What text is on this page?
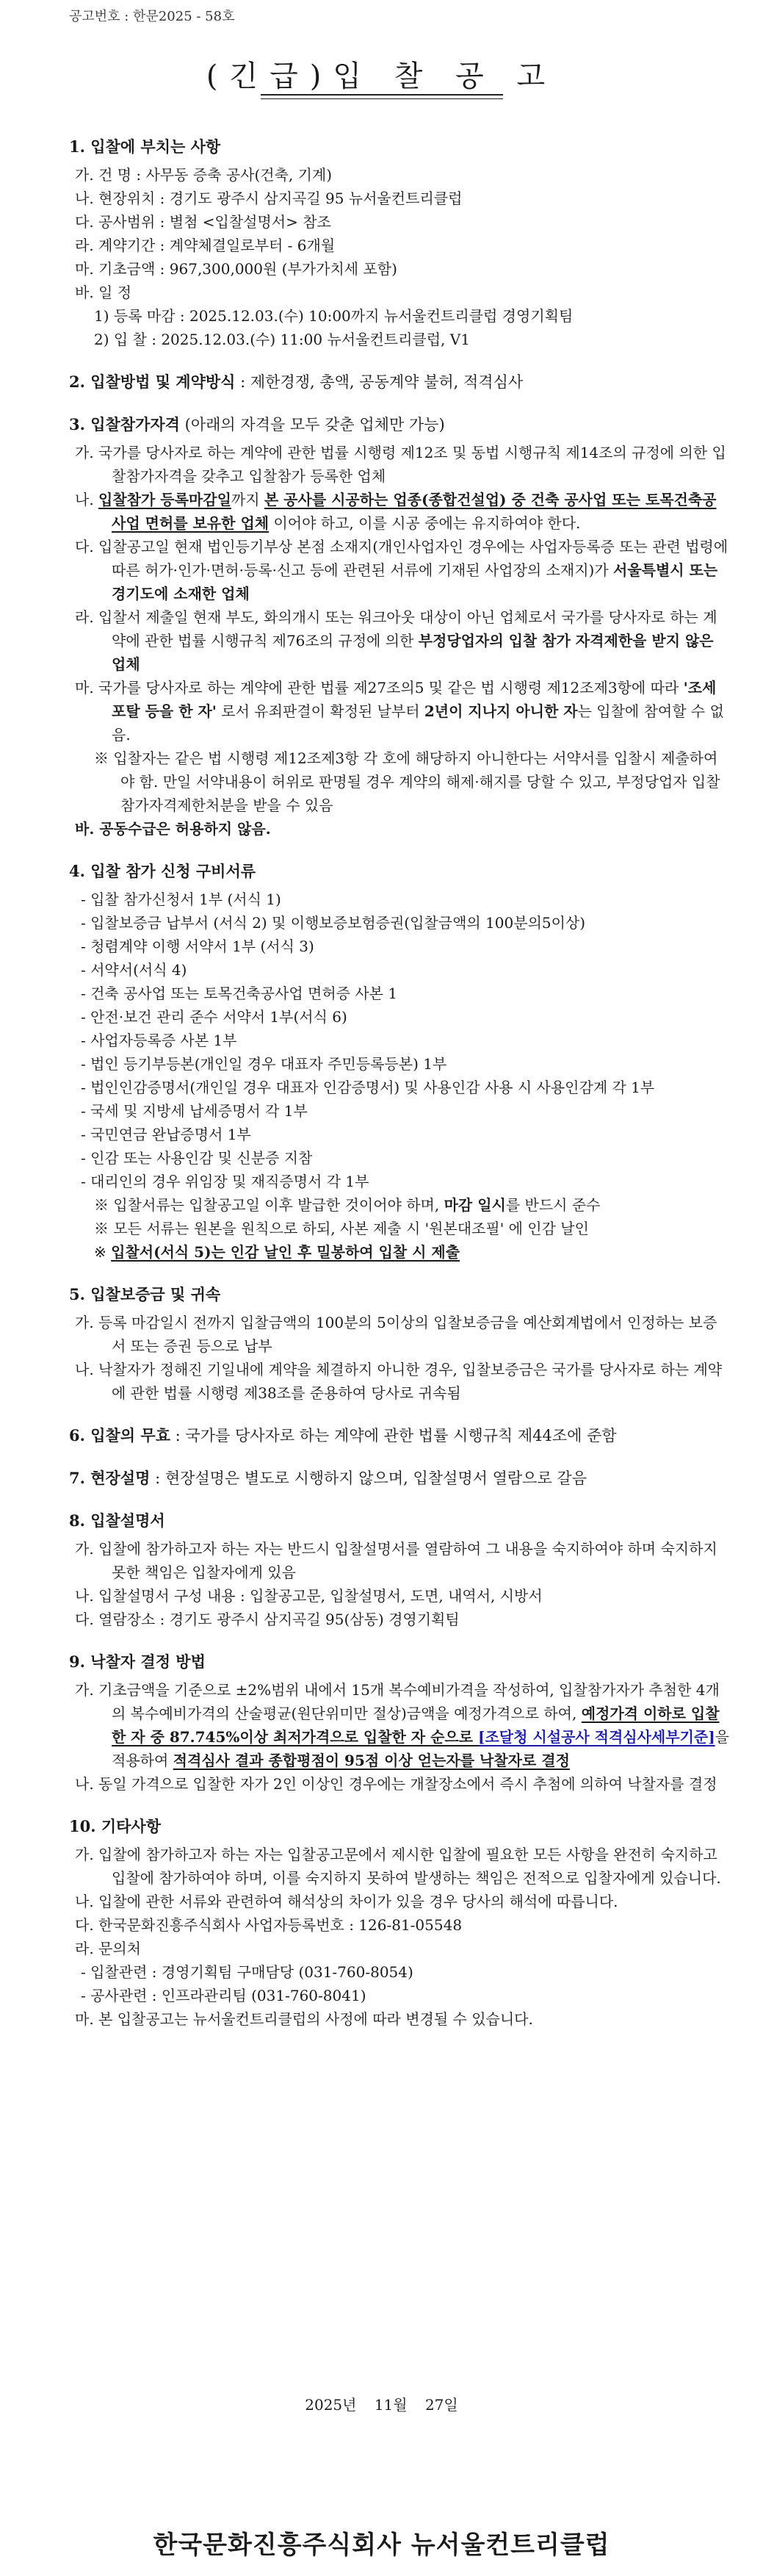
공고번호 : 한문2025 - 58호
(긴급)입 찰 공 고
1. 입찰에 부치는 사항

가. 건 명 : 사무동 증축 공사(건축, 기계)

나. 현장위치 : 경기도 광주시 삼지곡길 95 뉴서울컨트리클럽

다. 공사범위 : 별첨 <입찰설명서> 참조

라. 계약기간 : 계약체결일로부터 - 6개월

마. 기초금액 : 967,300,000원 (부가가치세 포함)

바. 일 정

1) 등록 마감 : 2025.12.03.(수) 10:00까지 뉴서울컨트리클럽 경영기획팀

2) 입 찰 : 2025.12.03.(수) 11:00 뉴서울컨트리클럽, V1

2. 입찰방법 및 계약방식 : 제한경쟁, 총액, 공동계약 불허, 적격심사
3. 입찰참가자격 (아래의 자격을 모두 갖춘 업체만 가능)

가. 국가를 당사자로 하는 계약에 관한 법률 시행령 제12조 및 동법 시행규칙 제14조의 규정에 의한 입찰참가자격을 갖추고 입찰참가 등록한 업체

나. 입찰참가 등록마감일까지 본 공사를 시공하는 업종(종합건설업) 중 건축 공사업 또는 토목건축공사업 면허를 보유한 업체 이어야 하고, 이를 시공 중에는 유지하여야 한다.

다. 입찰공고일 현재 법인등기부상 본점 소재지(개인사업자인 경우에는 사업자등록증 또는 관련 법령에 따른 허가·인가·면허·등록·신고 등에 관련된 서류에 기재된 사업장의 소재지)가 서울특별시 또는 경기도에 소재한 업체

라. 입찰서 제출일 현재 부도, 화의개시 또는 워크아웃 대상이 아닌 업체로서 국가를 당사자로 하는 계약에 관한 법률 시행규칙 제76조의 규정에 의한 부정당업자의 입찰 참가 자격제한을 받지 않은 업체

마. 국가를 당사자로 하는 계약에 관한 법률 제27조의5 및 같은 법 시행령 제12조제3항에 따라 '조세포탈 등을 한 자' 로서 유죄판결이 확정된 날부터 2년이 지나지 아니한 자는 입찰에 참여할 수 없음.

※ 입찰자는 같은 법 시행령 제12조제3항 각 호에 해당하지 아니한다는 서약서를 입찰시 제출하여야 함. 만일 서약내용이 허위로 판명될 경우 계약의 해제·해지를 당할 수 있고, 부정당업자 입찰참가자격제한처분을 받을 수 있음

바. 공동수급은 허용하지 않음.

4. 입찰 참가 신청 구비서류

- 입찰 참가신청서 1부 (서식 1)

- 입찰보증금 납부서 (서식 2) 및 이행보증보험증권(입찰금액의 100분의5이상)

- 청렴계약 이행 서약서 1부 (서식 3)

- 서약서(서식 4)

- 건축 공사업 또는 토목건축공사업 면허증 사본 1

- 안전·보건 관리 준수 서약서 1부(서식 6)

- 사업자등록증 사본 1부

- 법인 등기부등본(개인일 경우 대표자 주민등록등본) 1부

- 법인인감증명서(개인일 경우 대표자 인감증명서) 및 사용인감 사용 시 사용인감계 각 1부

- 국세 및 지방세 납세증명서 각 1부

- 국민연금 완납증명서 1부

- 인감 또는 사용인감 및 신분증 지참

- 대리인의 경우 위임장 및 재직증명서 각 1부

※ 입찰서류는 입찰공고일 이후 발급한 것이어야 하며, 마감 일시를 반드시 준수

※ 모든 서류는 원본을 원칙으로 하되, 사본 제출 시 '원본대조필' 에 인감 날인

※ 입찰서(서식 5)는 인감 날인 후 밀봉하여 입찰 시 제출

5. 입찰보증금 및 귀속

가. 등록 마감일시 전까지 입찰금액의 100분의 5이상의 입찰보증금을 예산회계법에서 인정하는 보증서 또는 증권 등으로 납부

나. 낙찰자가 정해진 기일내에 계약을 체결하지 아니한 경우, 입찰보증금은 국가를 당사자로 하는 계약에 관한 법률 시행령 제38조를 준용하여 당사로 귀속됨

6. 입찰의 무효 : 국가를 당사자로 하는 계약에 관한 법률 시행규칙 제44조에 준함
7. 현장설명 : 현장설명은 별도로 시행하지 않으며, 입찰설명서 열람으로 갈음
8. 입찰설명서

가. 입찰에 참가하고자 하는 자는 반드시 입찰설명서를 열람하여 그 내용을 숙지하여야 하며 숙지하지 못한 책임은 입찰자에게 있음

나. 입찰설명서 구성 내용 : 입찰공고문, 입찰설명서, 도면, 내역서, 시방서

다. 열람장소 : 경기도 광주시 삼지곡길 95(삼동) 경영기획팀

9. 낙찰자 결정 방법

가. 기초금액을 기준으로 ±2%범위 내에서 15개 복수예비가격을 작성하여, 입찰참가자가 추첨한 4개의 복수예비가격의 산술평균(원단위미만 절상)금액을 예정가격으로 하여, 예정가격 이하로 입찰한 자 중 87.745%이상 최저가격으로 입찰한 자 순으로 [조달청 시설공사 적격심사세부기준]을 적용하여 적격심사 결과 종합평점이 95점 이상 얻는자를 낙찰자로 결정

나. 동일 가격으로 입찰한 자가 2인 이상인 경우에는 개찰장소에서 즉시 추첨에 의하여 낙찰자를 결정

10. 기타사항

가. 입찰에 참가하고자 하는 자는 입찰공고문에서 제시한 입찰에 필요한 모든 사항을 완전히 숙지하고 입찰에 참가하여야 하며, 이를 숙지하지 못하여 발생하는 책임은 전적으로 입찰자에게 있습니다.

나. 입찰에 관한 서류와 관련하여 해석상의 차이가 있을 경우 당사의 해석에 따릅니다.

다. 한국문화진흥주식회사 사업자등록번호 : 126-81-05548

라. 문의처

- 입찰관련 : 경영기획팀 구매담당 (031-760-8054)

- 공사관련 : 인프라관리팀 (031-760-8041)

마. 본 입찰공고는 뉴서울컨트리클럽의 사정에 따라 변경될 수 있습니다.

2025년 11월 27일
한국문화진흥주식회사 뉴서울컨트리클럽
